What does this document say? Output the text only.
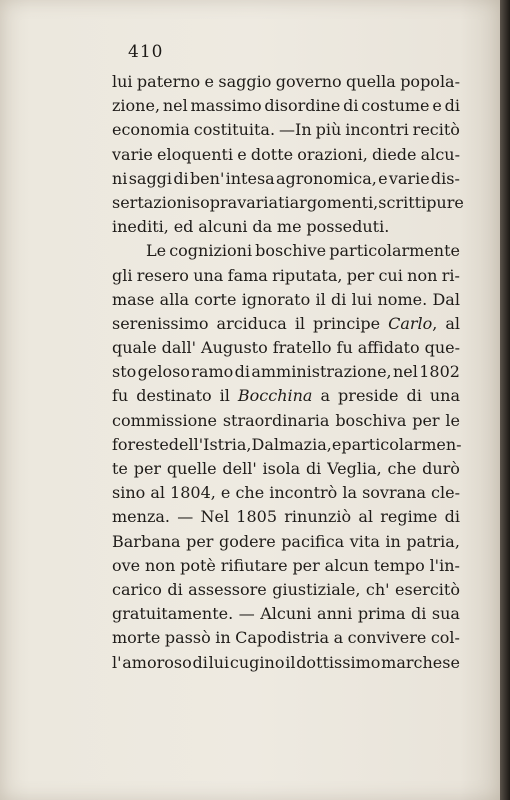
410
lui paterno e saggio governo quella popola-
zione, nel massimo disordine di costume e di
economia costituita. —In più incontri recitò
varie eloquenti e dotte orazioni, diede alcu-
ni saggi di ben' intesa agronomica, e varie dis-
sertazioni sopra variati argomenti, scritti pure
inediti, ed alcuni da me posseduti.
Le cognizioni boschive particolarmente
gli resero una fama riputata, per cui non ri-
mase alla corte ignorato il di lui nome. Dal
serenissimo arciduca il principe Carlo, al
quale dall' Augusto fratello fu affidato que-
sto geloso ramo di amministrazione, nel 1802
fu destinato il Bocchina a preside di una
commissione straordinaria boschiva per le
foreste dell' Istria, Dalmazia, e particolarmen-
te per quelle dell' isola di Veglia, che durò
sino al 1804, e che incontrò la sovrana cle-
menza. — Nel 1805 rinunziò al regime di
Barbana per godere pacifica vita in patria,
ove non potè rifiutare per alcun tempo l'in-
carico di assessore giustiziale, ch' esercitò
gratuitamente. — Alcuni anni prima di sua
morte passò in Capodistria a convivere col-
l' amoroso di lui cugino il dottissimo marchese
